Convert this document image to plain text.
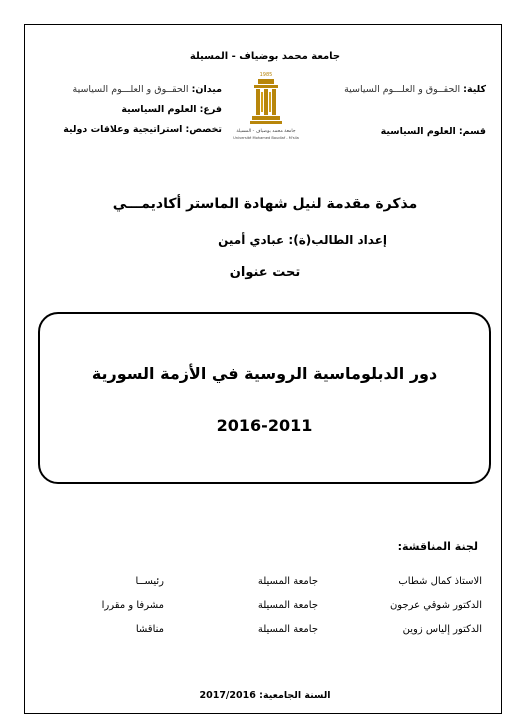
جامعة محمد بوضياف - المسيلة
كلية: الحقــوق و العلـــوم السياسية
قسم: العلوم السياسية
ميدان: الحقــوق و العلـــوم السياسية
فرع: العلوم السياسية
تخصص: استراتيجية وعلاقات دولية
1985
جامعة محمد بوضياف - المسيلة
Université Mohamed Boudiaf - M'sila
مذكرة مقدمة لنيل شهادة الماستر أكاديمـــي
إعداد الطالب(ة): عبادي أمين
تحت عنوان
دور الدبلوماسية الروسية في الأزمة السورية
2016-2011
لجنة المناقشة:
الاستاذ كمال شطاب
جامعة المسيلة
رئيســا
الدكتور شوقي عرجون
جامعة المسيلة
مشرفا و مقررا
الدكتور إلياس زوين
جامعة المسيلة
مناقشا
السنة الجامعية: 2017/2016
